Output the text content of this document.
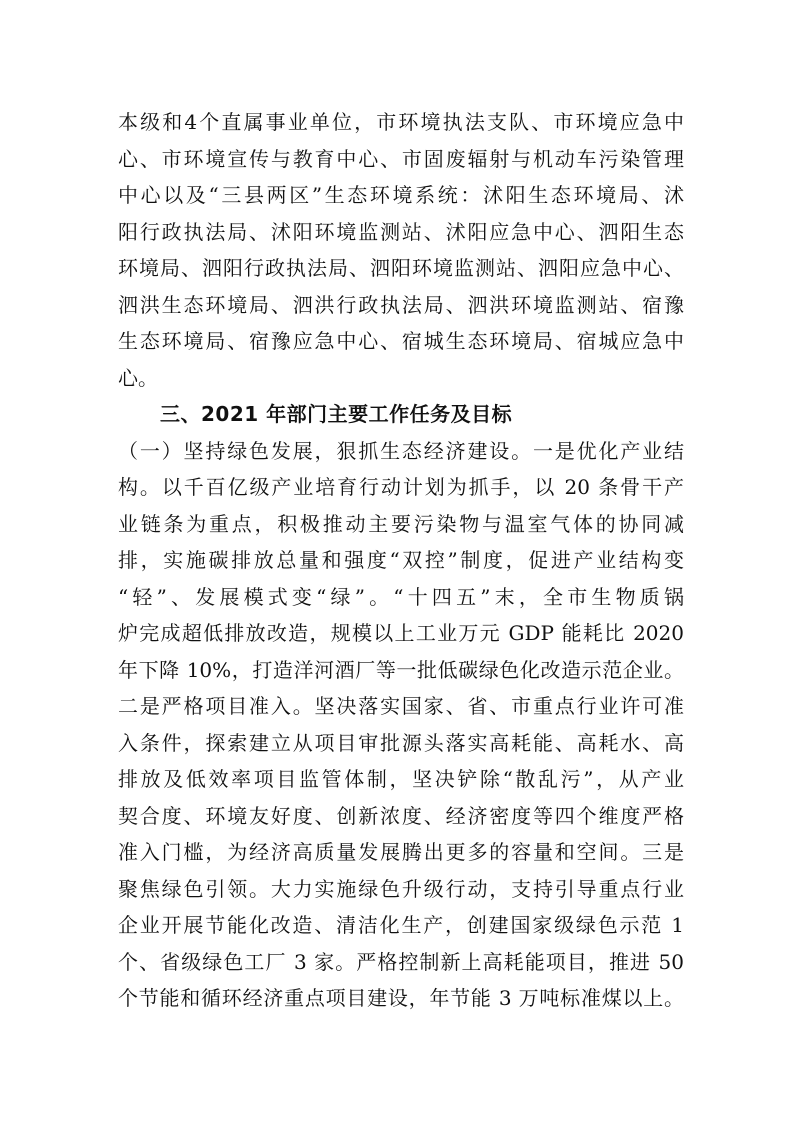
本级和4个直属事业单位，市环境执法支队、市环境应急中
心、市环境宣传与教育中心、市固废辐射与机动车污染管理
中心以及“三县两区”生态环境系统：沭阳生态环境局、沭
阳行政执法局、沭阳环境监测站、沭阳应急中心、泗阳生态
环境局、泗阳行政执法局、泗阳环境监测站、泗阳应急中心、
泗洪生态环境局、泗洪行政执法局、泗洪环境监测站、宿豫
生态环境局、宿豫应急中心、宿城生态环境局、宿城应急中
心。
三、2021 年部门主要工作任务及目标
（一）坚持绿色发展，狠抓生态经济建设。一是优化产业结
构。以千百亿级产业培育行动计划为抓手，以 20 条骨干产
业链条为重点，积极推动主要污染物与温室气体的协同减
排，实施碳排放总量和强度“双控”制度，促进产业结构变
“轻”、发展模式变“绿”。“十四五”末，全市生物质锅
炉完成超低排放改造，规模以上工业万元 GDP 能耗比 2020
年下降 10%，打造洋河酒厂等一批低碳绿色化改造示范企业。
二是严格项目准入。坚决落实国家、省、市重点行业许可准
入条件，探索建立从项目审批源头落实高耗能、高耗水、高
排放及低效率项目监管体制，坚决铲除“散乱污”，从产业
契合度、环境友好度、创新浓度、经济密度等四个维度严格
准入门槛，为经济高质量发展腾出更多的容量和空间。三是
聚焦绿色引领。大力实施绿色升级行动，支持引导重点行业
企业开展节能化改造、清洁化生产，创建国家级绿色示范 1
个、省级绿色工厂 3 家。严格控制新上高耗能项目，推进 50
个节能和循环经济重点项目建设，年节能 3 万吨标准煤以上。
